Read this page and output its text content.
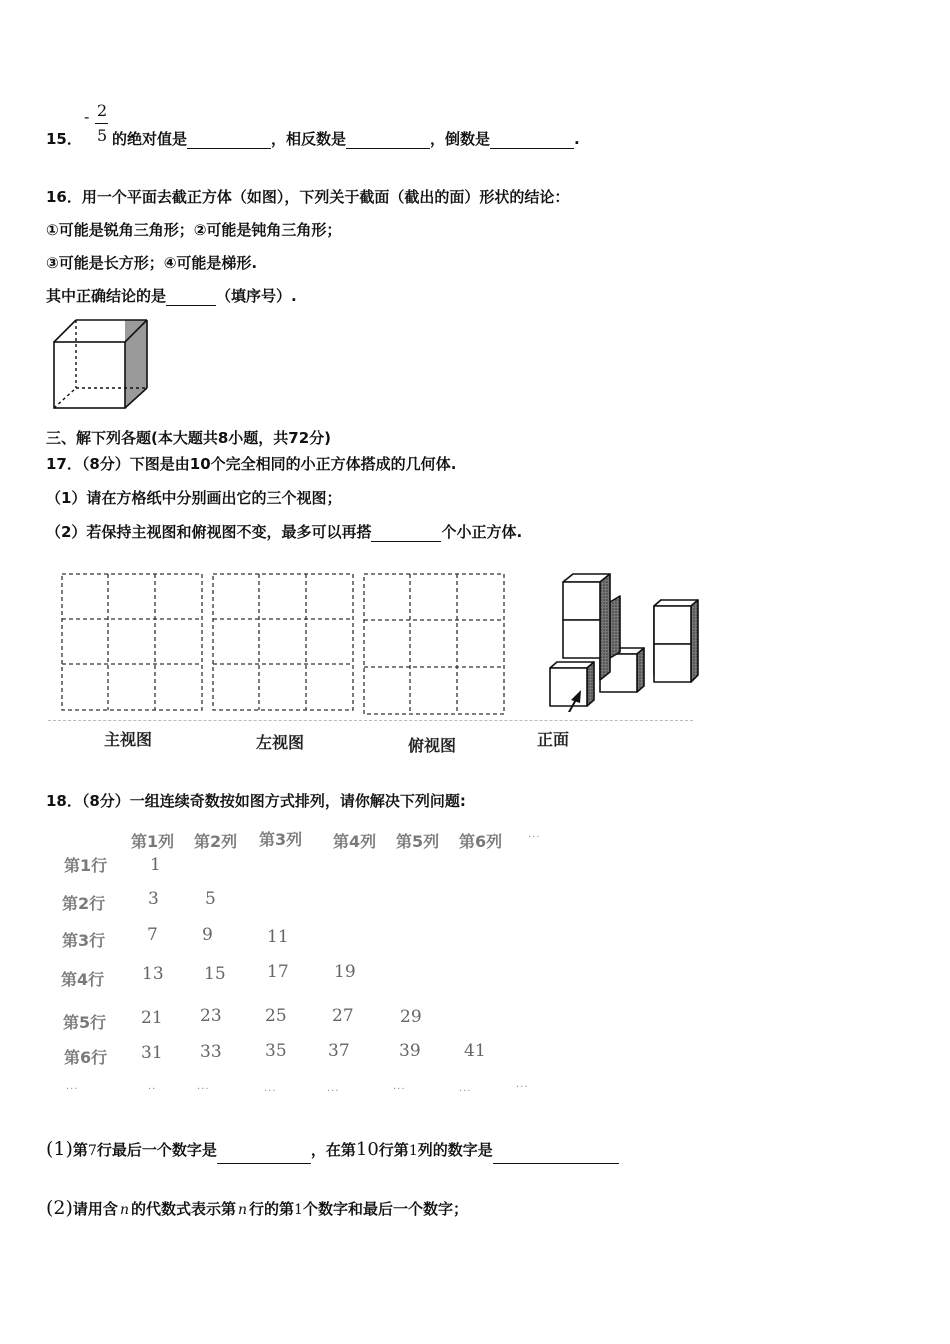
15．
- 2
5 的绝对值是	，相反数是	，倒数是	.
16．用一个平面去截正方体（如图），下列关于截面（截出的面）形状的结论：
①可能是锐角三角形；②可能是钝角三角形；
③可能是长方形；④可能是梯形.
其中正确结论的是	（填序号）.
三、解下列各题(本大题共8小题，共72分)
17．（8分）下图是由10个完全相同的小正方体搭成的几何体.
（1）请在方格纸中分别画出它的三个视图；
（2）若保持主视图和俯视图不变，最多可以再搭	个小正方体.
主视图	左视图	俯视图	正面
18．（8分）一组连续奇数按如图方式排列，请你解决下列问题:
第1列 第2列 第3列 第4列 第5列 第6列	···
第1行	1
第2行	3	5
第3行 7	9	11
第4行 13 15 17	19
第5行 21 23	25	27	29
第6行 31 33	35 37	39	41
···	··	···	···	···	···	···	···
(1)第7行最后一个数字是	，在第10行第1列的数字是
(2)请用含 n 的代数式表示第 n 行的第1个数字和最后一个数字；
